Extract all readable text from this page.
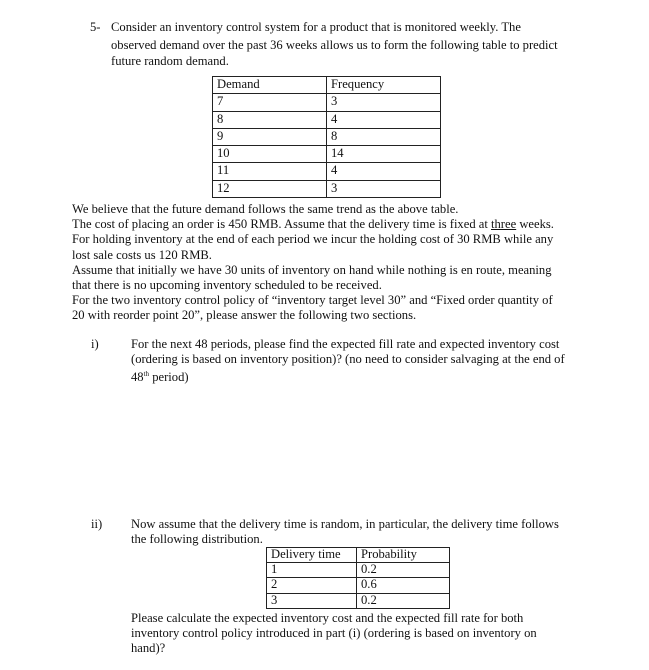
5- Consider an inventory control system for a product that is monitored weekly. The
observed demand over the past 36 weeks allows us to form the following table to predict
future random demand.
Demand	Frequency
7	3
8	4
9	8
10	14
11	4
12	3
We believe that the future demand follows the same trend as the above table.
The cost of placing an order is 450 RMB. Assume that the delivery time is fixed at three weeks.
For holding inventory at the end of each period we incur the holding cost of 30 RMB while any
lost sale costs us 120 RMB.
Assume that initially we have 30 units of inventory on hand while nothing is en route, meaning
that there is no upcoming inventory scheduled to be received.
For the two inventory control policy of “inventory target level 30” and “Fixed order quantity of
20 with reorder point 20”, please answer the following two sections.
i)	For the next 48 periods, please find the expected fill rate and expected inventory cost
(ordering is based on inventory position)? (no need to consider salvaging at the end of
48th period)
ii) Now assume that the delivery time is random, in particular, the delivery time follows
the following distribution.
Delivery time	Probability
1	0.2
2	0.6
3	0.2
Please calculate the expected inventory cost and the expected fill rate for both
inventory control policy introduced in part (i) (ordering is based on inventory on
hand)?
